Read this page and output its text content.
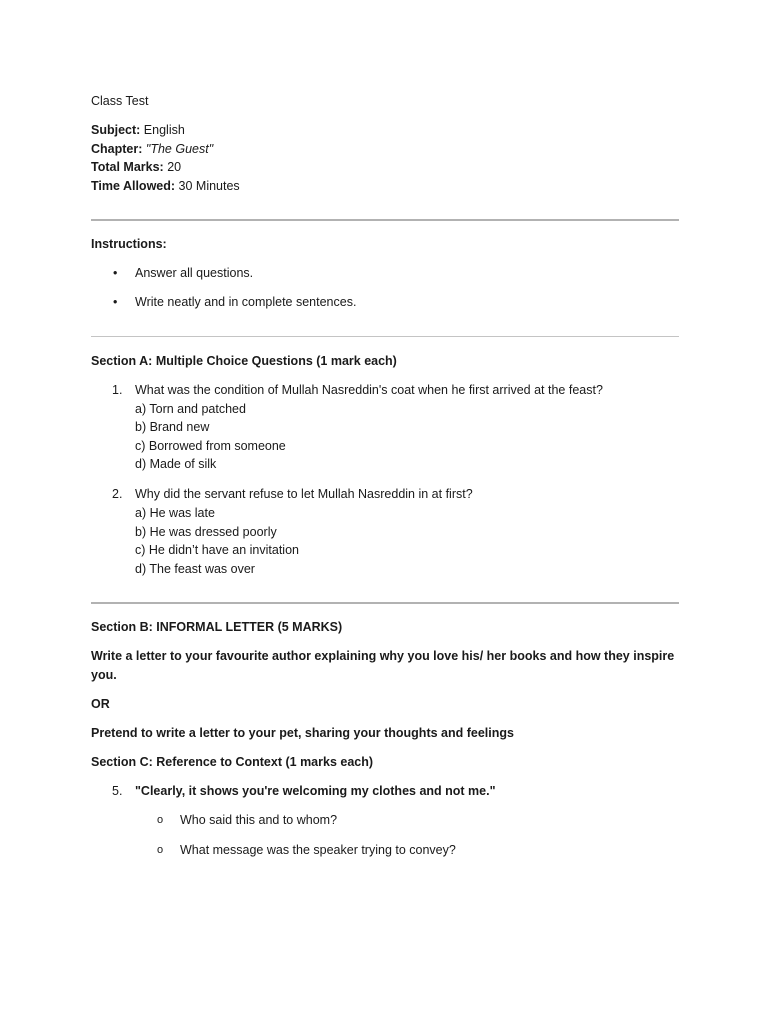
Class Test
Subject: English
Chapter: "The Guest"
Total Marks: 20
Time Allowed: 30 Minutes
Instructions:
• Answer all questions.
• Write neatly and in complete sentences.
Section A: Multiple Choice Questions (1 mark each)
1. What was the condition of Mullah Nasreddin's coat when he first arrived at the feast?
a) Torn and patched
b) Brand new
c) Borrowed from someone
d) Made of silk
2. Why did the servant refuse to let Mullah Nasreddin in at first?
a) He was late
b) He was dressed poorly
c) He didn’t have an invitation
d) The feast was over
Section B: INFORMAL LETTER (5 MARKS)
Write a letter to your favourite author explaining why you love his/ her books and how they inspire
you.
OR
Pretend to write a letter to your pet, sharing your thoughts and feelings
Section C: Reference to Context (1 marks each)
5. "Clearly, it shows you're welcoming my clothes and not me."
o Who said this and to whom?
o What message was the speaker trying to convey?
